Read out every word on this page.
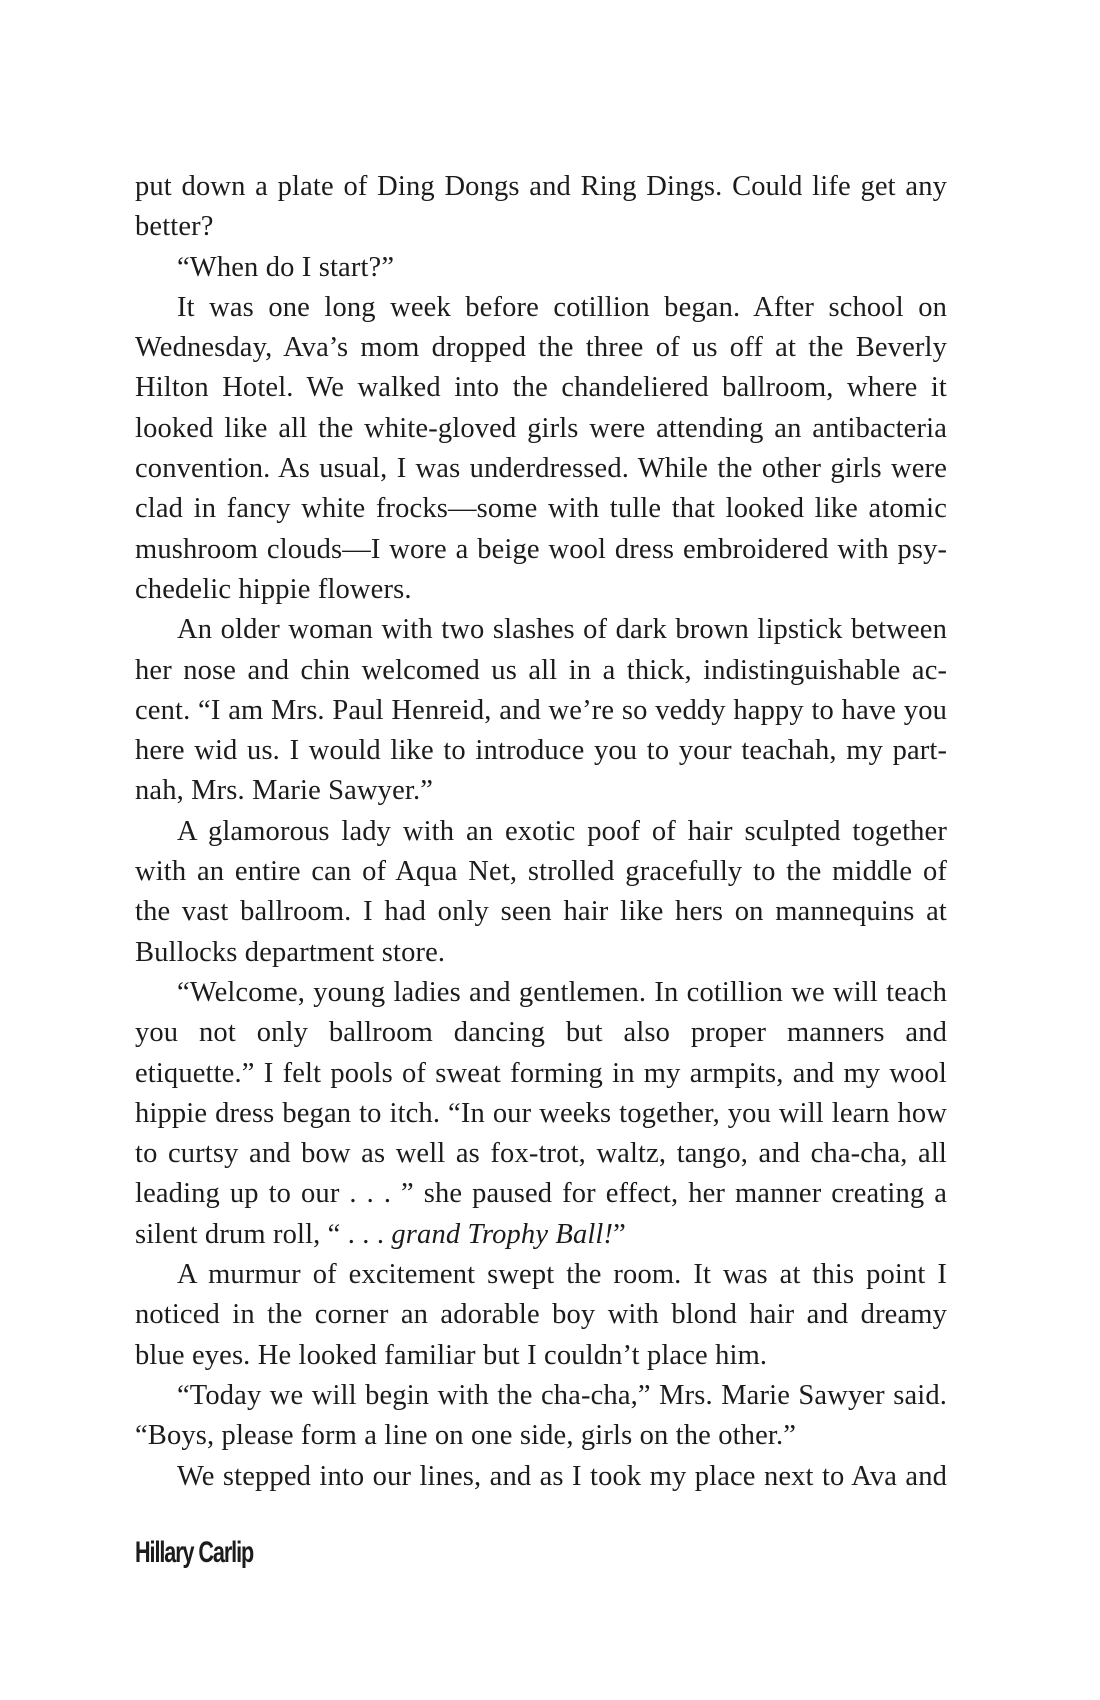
put down a plate of Ding Dongs and Ring Dings. Could life get any better?

“When do I start?”

It was one long week before cotillion began. After school on Wednesday, Ava’s mom dropped the three of us off at the Beverly Hilton Hotel. We walked into the chandeliered ballroom, where it looked like all the white-gloved girls were attending an antibacteria convention. As usual, I was underdressed. While the other girls were clad in fancy white frocks—some with tulle that looked like atomic mushroom clouds—I wore a beige wool dress embroidered with psychedelic hippie flowers.

An older woman with two slashes of dark brown lipstick between her nose and chin welcomed us all in a thick, indistinguishable accent. “I am Mrs. Paul Henreid, and we’re so veddy happy to have you here wid us. I would like to introduce you to your teachah, my partnah, Mrs. Marie Sawyer.”

A glamorous lady with an exotic poof of hair sculpted together with an entire can of Aqua Net, strolled gracefully to the middle of the vast ballroom. I had only seen hair like hers on mannequins at Bullocks department store.

“Welcome, young ladies and gentlemen. In cotillion we will teach you not only ballroom dancing but also proper manners and etiquette.” I felt pools of sweat forming in my armpits, and my wool hippie dress began to itch. “In our weeks together, you will learn how to curtsy and bow as well as fox-trot, waltz, tango, and cha-cha, all leading up to our . . . ” she paused for effect, her manner creating a silent drum roll, “ . . . grand Trophy Ball!”

A murmur of excitement swept the room. It was at this point I noticed in the corner an adorable boy with blond hair and dreamy blue eyes. He looked familiar but I couldn’t place him.

“Today we will begin with the cha-cha,” Mrs. Marie Sawyer said. “Boys, please form a line on one side, girls on the other.”

We stepped into our lines, and as I took my place next to Ava and

Hillary Carlip
